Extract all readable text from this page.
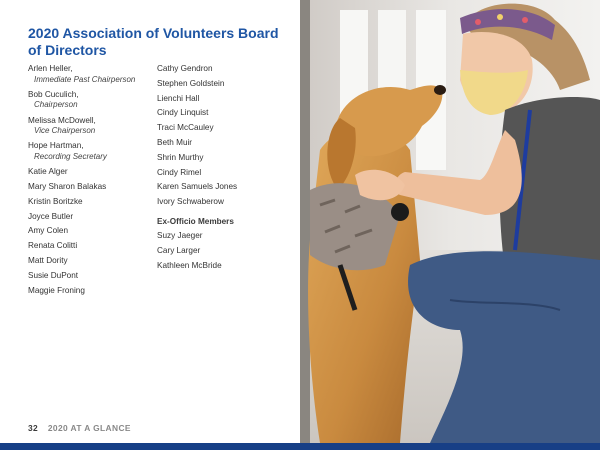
2020 Association of Volunteers Board of Directors
Arlen Heller,
Immediate Past Chairperson
Bob Cuculich,
Chairperson
Melissa McDowell,
Vice Chairperson
Hope Hartman,
Recording Secretary
Katie Alger
Mary Sharon Balakas
Kristin Boritzke
Joyce Butler
Amy Colen
Renata Colitti
Matt Dority
Susie DuPont
Maggie Froning
Cathy Gendron
Stephen Goldstein
Lienchi Hall
Cindy Linquist
Traci McCauley
Beth Muir
Shrin Murthy
Cindy Rimel
Karen Samuels Jones
Ivory Schwaberow
Ex-Officio Members
Suzy Jaeger
Cary Larger
Kathleen McBride
32 2020 AT A GLANCE
